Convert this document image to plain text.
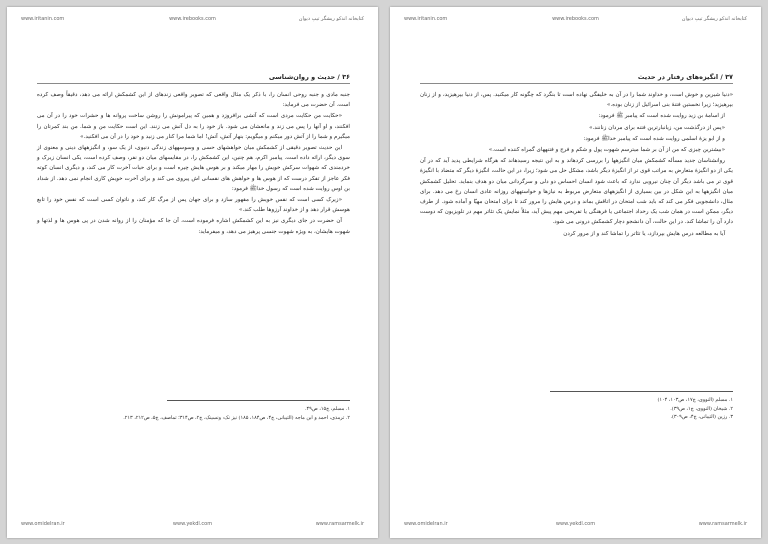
www.iritanin.com	www.irebooks.com	کتابخانه اندکو ریشگر تیپ دیوان
۳۶ / حدیث و روان‌شناسی

جنبه مادی و جنبه روحی انسان را، با ذکر یک مثال واقعی که تصویر واقعی زندهای از این کشمکش ارائه می دهد، دقیقاً وصف کرده است. آن حضرت می فرماید:

«حکایت من حکایت مردی است که آتشی برافروزد و همین که پیرامونش را روشن ساخت پروانه ها و حشرات خود را در آن می افکنند، و او آنها را پس می زند و مانعشان می شود. باز خود را به دل آتش می زنند. این است حکایت من و شما. من بند کمرتان را میگیرم و شما را از آتش دور میکنم و میگویم: بنهار آتش، آتش! اما شما مرا کنار می زنید و خود را در آن می افکنید.»

این حدیث تصویر دقیقی از کشمکش میان خواهشهای حسی و وسوسههای زندگی دنیوی، از یک سو، و انگیزههای دینی و معنوی از سوی دیگر، ارائه داده است. پیامبر اکرم، هم چنین، این کشمکش را، در مقایسهای میان دو نفر، وصف کرده است، یکی انسان زیرک و خردمندی که شهوات سرکش خویش را مهار میکند و بر هوس هایش چیره است و برای حیات آخرت کار می کند، و دیگری انسان کوته فکر عاجز از تفکر درست که از هوس ها و خواهش های نفسانی اش پیروی می کند و برای آخرت خویش کاری انجام نمی دهد. از شداد بن اوس روایت شده است که رسول خداﷺ فرمود:

«زیرک کسی است که نفس خویش را مقهور سازد و برای جهان پس از مرگ کار کند، و ناتوان کسی است که نفس خود را تابع هوسش قرار دهد و از خداوند آرزوها طلب کند.»

آن حضرت در جای دیگری نیز به این کشمکش اشاره فرموده است، آن جا که مؤمنان را از روانه شدن در پی هوس ها و لذتها و شهوت هایشان، به ویژه شهوت جنسی پرهیز می دهد، و میفرماید:

۱. مسلم، ج۱۵، ص۴۹.
۲. ترمذی، احمد و ابن ماجه (التیبانی، ج۴، ص۱۸۴، ۱۸۵) نیز نک: ونسینک، ج۲، ص۳۱۴؛ تماصف، ج۵، ص۲۱۲، ۲۱۳.
www.omidelran.ir	www.yekdl.com	www.ramsarmelk.ir
www.iritanin.com	www.irebooks.com	کتابخانه اندکو ریشگر تیپ دیوان
۳۷ / انگیزه‌های رفتار در حدیث

«دنیا شیرین و خوش است، و خداوند شما را در آن به خلیفگی نهاده است تا بنگرد که چگونه کار میکنید. پس، از دنیا بپرهیزید، و از زنان بپرهیزید؛ زیرا نخستین فتنهٔ بنی اسرائیل از زنان بوده.»

از اسامهٔ بن زید روایت شده است که پیامبر ﷺ فرمود:

«پس از درگذشت من، زیانبارترین فتنه برای مردان زنانند.»

و از ابو یزهٔ اسلمی روایت شده است که پیامبر خداﷺ فرمود:

«بیشترین چیزی که من از آن بر شما میترسم شهوت پول و شکم و فرج و فتنههای گمراه کننده است.»

روانشناسان جدید مسأله کشمکش میان انگیزهها را بررسی کردهاند و به این نتیجه رسیدهاند که هرگاه شرایطی پدید آید که در آن یکی از دو انگیزهٔ متعارض به مراتب قوی تر از انگیزهٔ دیگر باشد، مشکل حل می شود؛ زیرا، در این حالت، انگیزهٔ دیگر که متضاد با انگیزهٔ قوی تر می باشد دیگر آن چنان نیرویی ندارد که باعث شود انسان احساس دو دلی و سرگردانی میان دو هدف بنماید. تحلیل کشمکش میان انگیزهها به این شکل در بین بسیاری از انگیزههای متعارض مربوط به نیازها و خواستههای روزانه عادی انسان رخ می دهد. برای مثال، دانشجویی فکر می کند که باید شب امتحان در اتاقش بماند و درس هایش را مرور کند تا برای امتحان مهیّا و آماده شود. از طرف دیگر، ممکن است در همان شب یک رخداد اجتماعی یا فرهنگی یا تفریحی مهم پیش آید، مثلاً نمایش یک تئاتر مهم در تلویزیون که دوست دارد آن را تماشا کند. در این حالت، آن دانشجو دچار کشمکش درونی می شود.

آیا به مطالعه درس هایش بپردازد، یا تئاتر را تماشا کند و از مرور کردن

۱. مسلم (النووی، ج۱۷، ص۱۰۳، ۱۰۴)
۲. شیخان (النووی، ج۱، ص۳۹).
۳. رزین (التیبانی، ج۴، ص۳۰۹).
www.omidelran.ir	www.yekdl.com	www.ramsarmelk.ir
